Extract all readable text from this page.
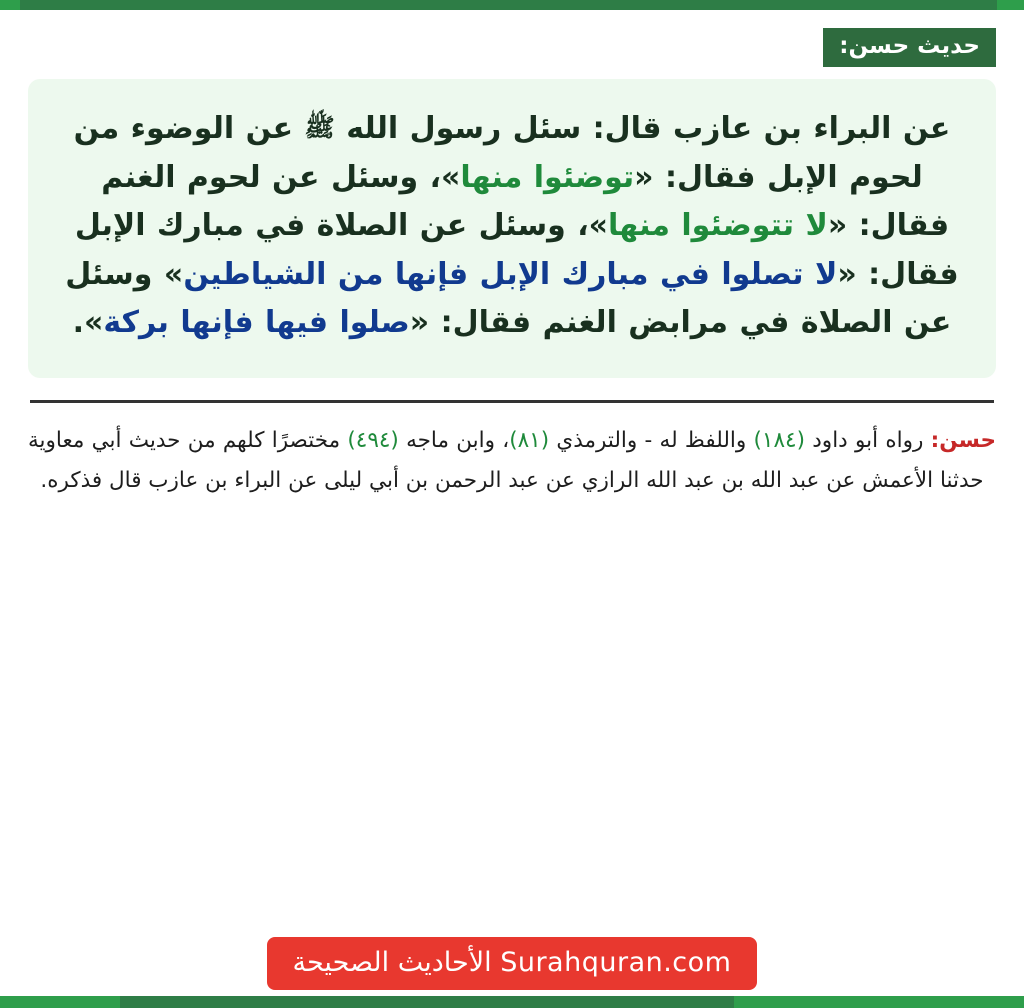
حديث حسن:
عن البراء بن عازب قال: سئل رسول الله ﷺ عن الوضوء من لحوم الإبل فقال: «توضئوا منها»، وسئل عن لحوم الغنم فقال: «لا تتوضئوا منها»، وسئل عن الصلاة في مبارك الإبل فقال: «لا تصلوا في مبارك الإبل فإنها من الشياطين» وسئل عن الصلاة في مرابض الغنم فقال: «صلوا فيها فإنها بركة».
حسن: رواه أبو داود (١٨٤) واللفظ له - والترمذي (٨١)، وابن ماجه (٤٩٤) مختصرًا كلهم من حديث أبي معاوية حدثنا الأعمش عن عبد الله بن عبد الله الرازي عن عبد الرحمن بن أبي ليلى عن البراء بن عازب قال فذكره.
Surahquran.com الأحاديث الصحيحة
